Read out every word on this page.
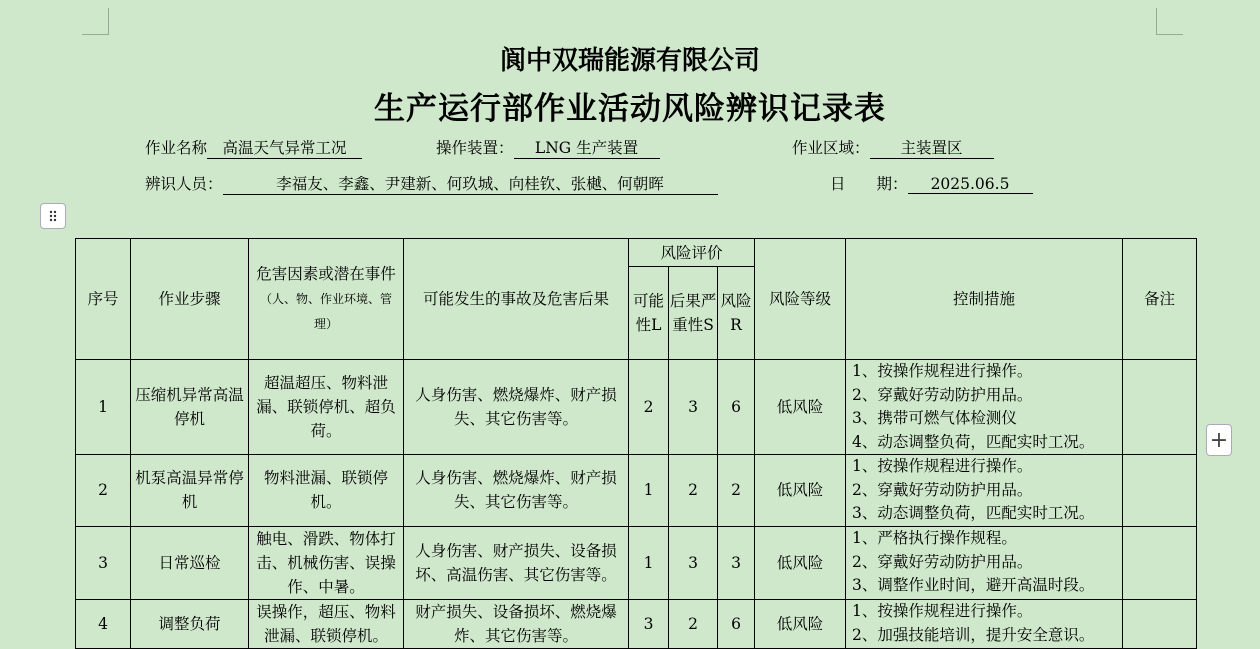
阆中双瑞能源有限公司
生产运行部作业活动风险辨识记录表
作业名称 高温天气异常工况	操作装置： LNG 生产装置	作业区域： 主装置区
辨识人员：	李福友、李鑫、尹建新、何玖城、向桂钦、张樾、何朝晖	日　　期： 2025.06.5
+
序号	作业步骤	危害因素或潜在事件（人、物、作业环境、管理）	可能发生的事故及危害后果	风险评价			风险等级	控制措施	备注
				可能性L	后果严重性S	风险R			
1	压缩机异常高温停机	超温超压、物料泄漏、联锁停机、超负荷。	人身伤害、燃烧爆炸、财产损失、其它伤害等。	2	3	6	低风险	1、按操作规程进行操作。
2、穿戴好劳动防护用品。
3、携带可燃气体检测仪
4、动态调整负荷，匹配实时工况。	

2	机泵高温异常停机	物料泄漏、联锁停机。	人身伤害、燃烧爆炸、财产损失、其它伤害等。	1	2	2	低风险	1、按操作规程进行操作。
2、穿戴好劳动防护用品。
3、动态调整负荷，匹配实时工况。	

3	日常巡检	触电、滑跌、物体打击、机械伤害、误操作、中暑。	人身伤害、财产损失、设备损坏、高温伤害、其它伤害等。	1	3	3	低风险	1、严格执行操作规程。
2、穿戴好劳动防护用品。
3、调整作业时间，避开高温时段。	

4	调整负荷	误操作，超压、物料泄漏、联锁停机。	财产损失、设备损坏、燃烧爆炸、其它伤害等。	3	2	6	低风险	1、按操作规程进行操作。
2、加强技能培训，提升安全意识。	
